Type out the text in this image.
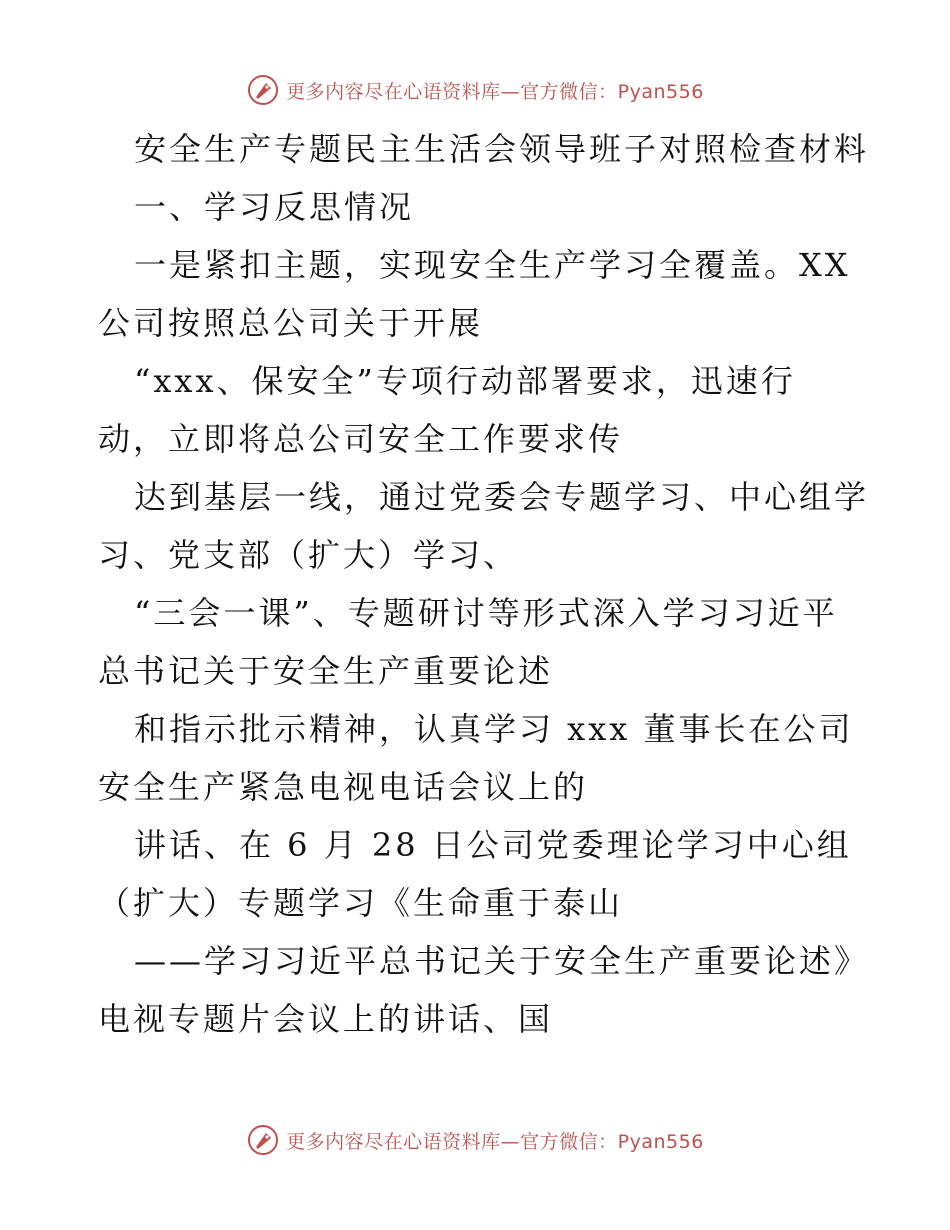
更多内容尽在心语资料库—官方微信：Pyan556
安全生产专题民主生活会领导班子对照检查材料
一、学习反思情况
一是紧扣主题，实现安全生产学习全覆盖。XX
公司按照总公司关于开展
“xxx、保安全”专项行动部署要求，迅速行
动，立即将总公司安全工作要求传
达到基层一线，通过党委会专题学习、中心组学
习、党支部（扩大）学习、
“三会一课”、专题研讨等形式深入学习习近平
总书记关于安全生产重要论述
和指示批示精神，认真学习 xxx 董事长在公司
安全生产紧急电视电话会议上的
讲话、在 6 月 28 日公司党委理论学习中心组
（扩大）专题学习《生命重于泰山
——学习习近平总书记关于安全生产重要论述》
电视专题片会议上的讲话、国
更多内容尽在心语资料库—官方微信：Pyan556
